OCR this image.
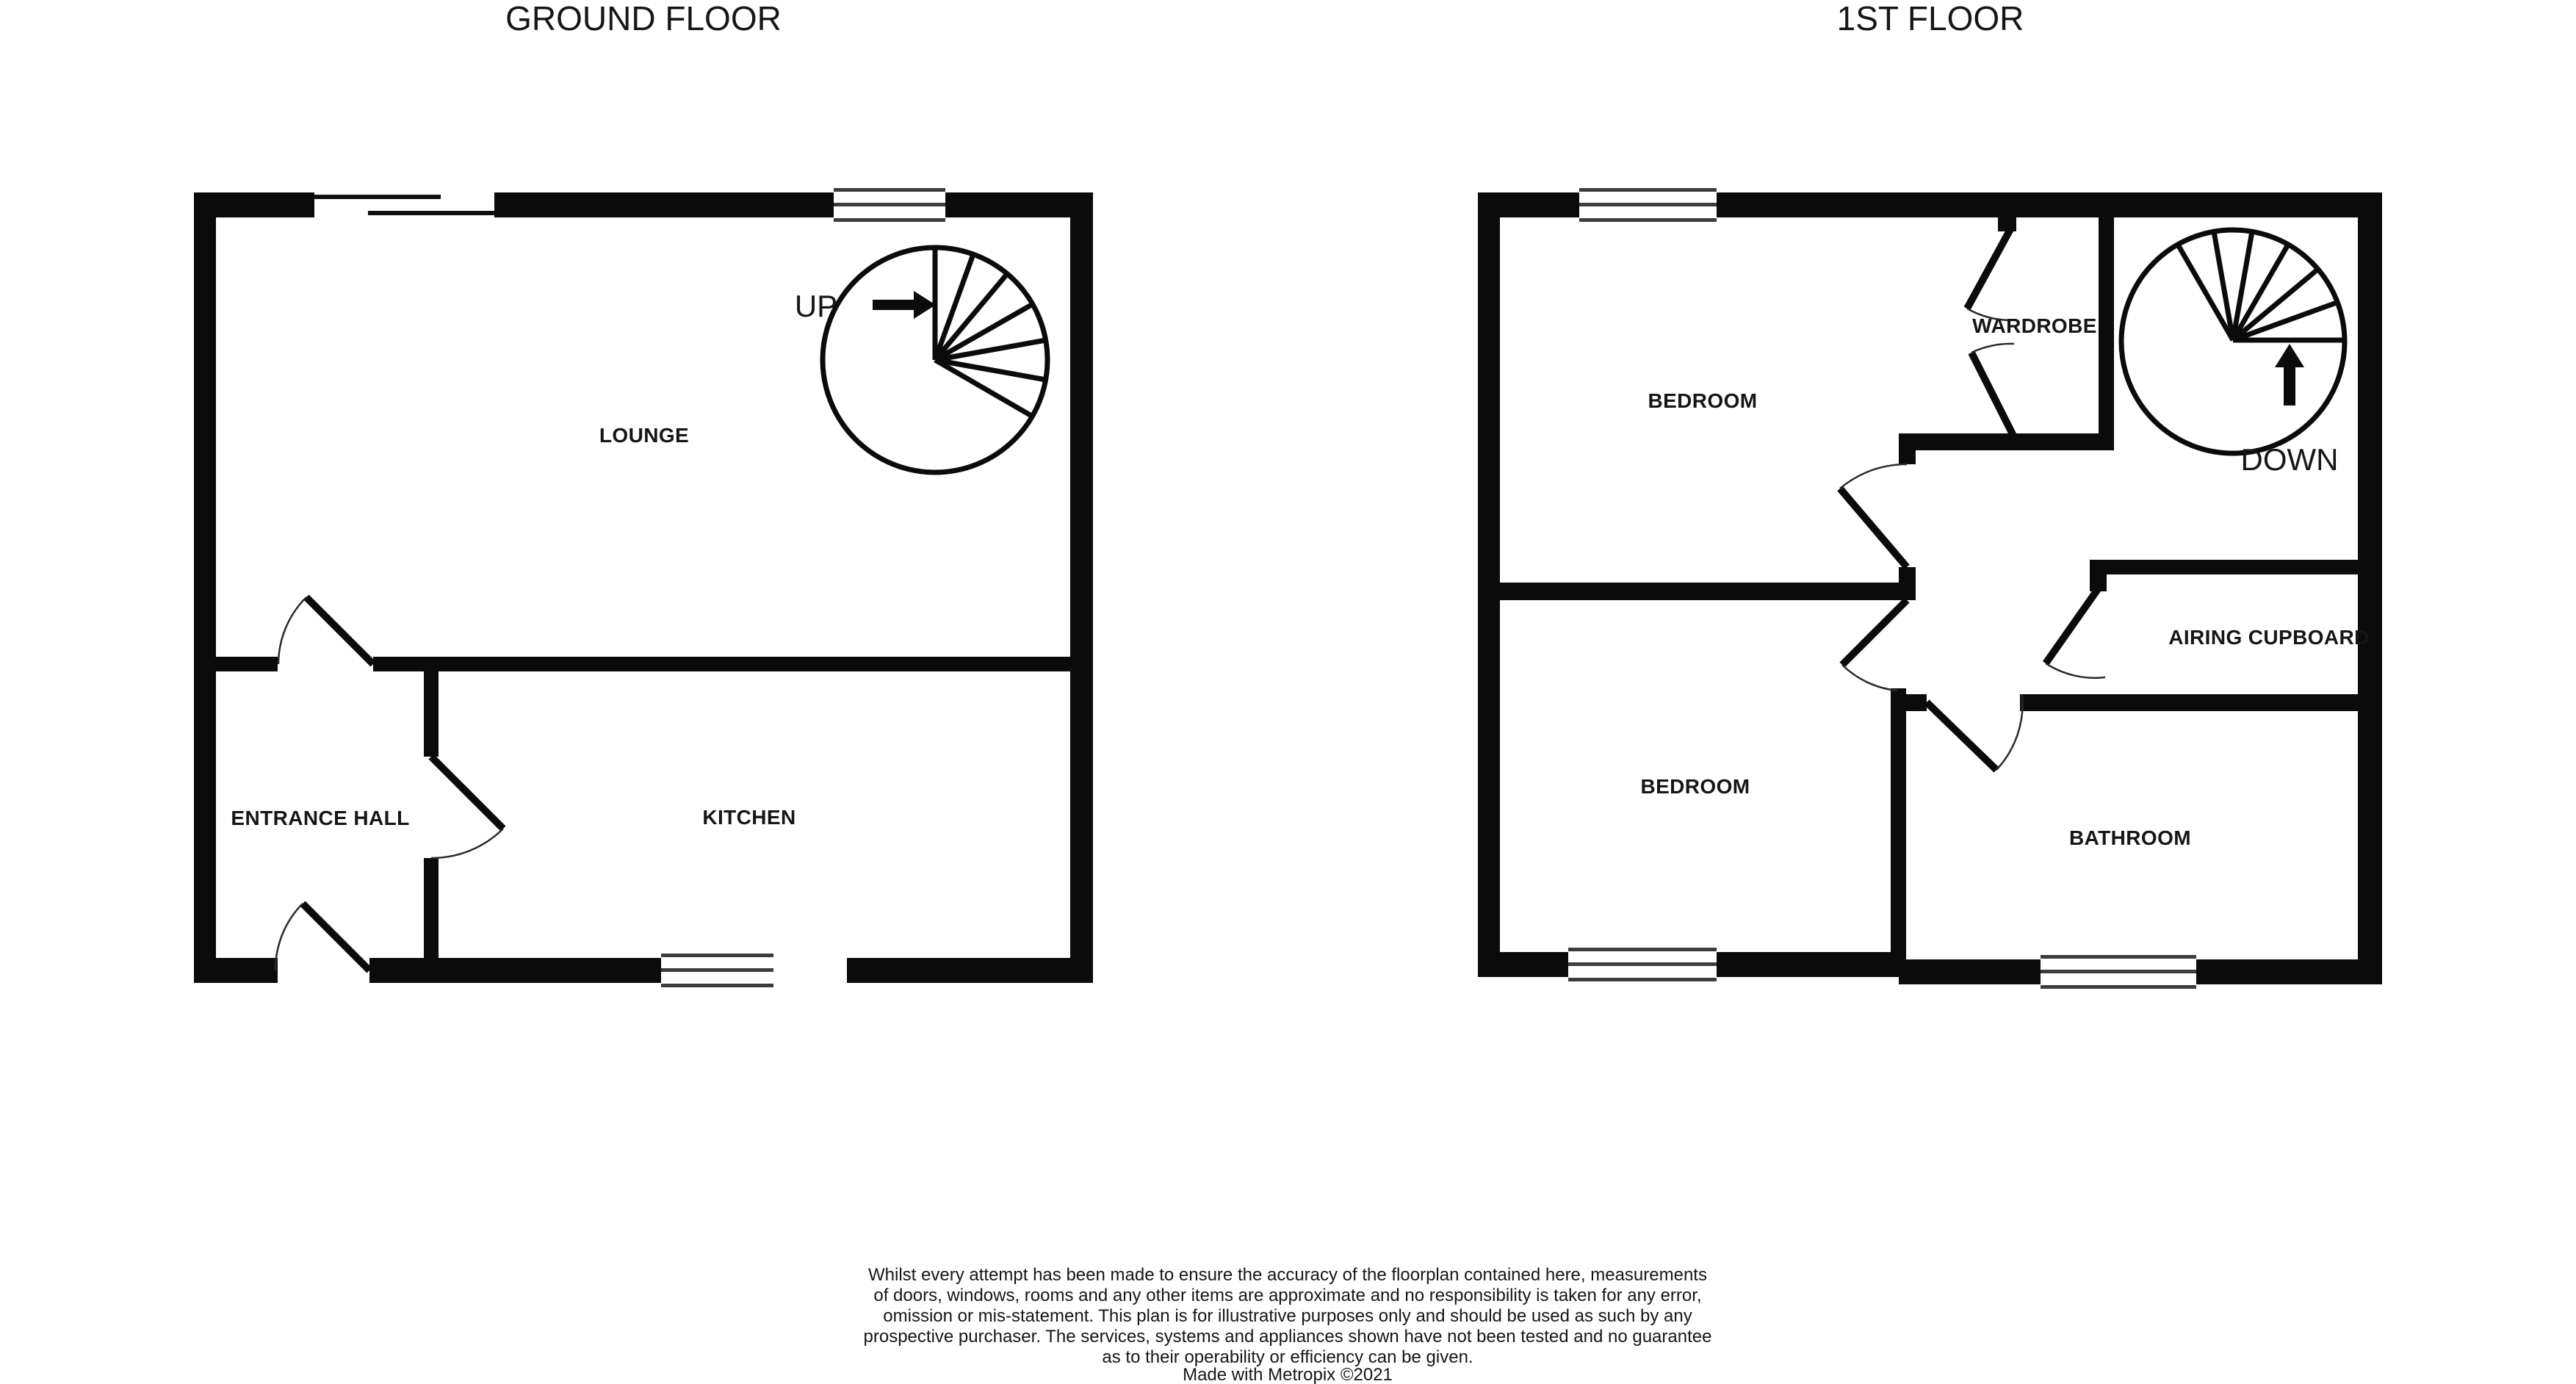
GROUND FLOOR
UP
LOUNGE
ENTRANCE HALL	KITCHEN
1ST FLOOR
DOWN
BEDROOM
WARDROBE
BEDROOM
BATHROOM
AIRING CUPBOARD
Whilst every attempt has been made to ensure the accuracy of the floorplan contained here, measurements
of doors, windows, rooms and any other items are approximate and no responsibility is taken for any error,
omission or mis-statement. This plan is for illustrative purposes only and should be used as such by any
prospective purchaser. The services, systems and appliances shown have not been tested and no guarantee
as to their operability or efficiency can be given.
Made with Metropix ©2021
